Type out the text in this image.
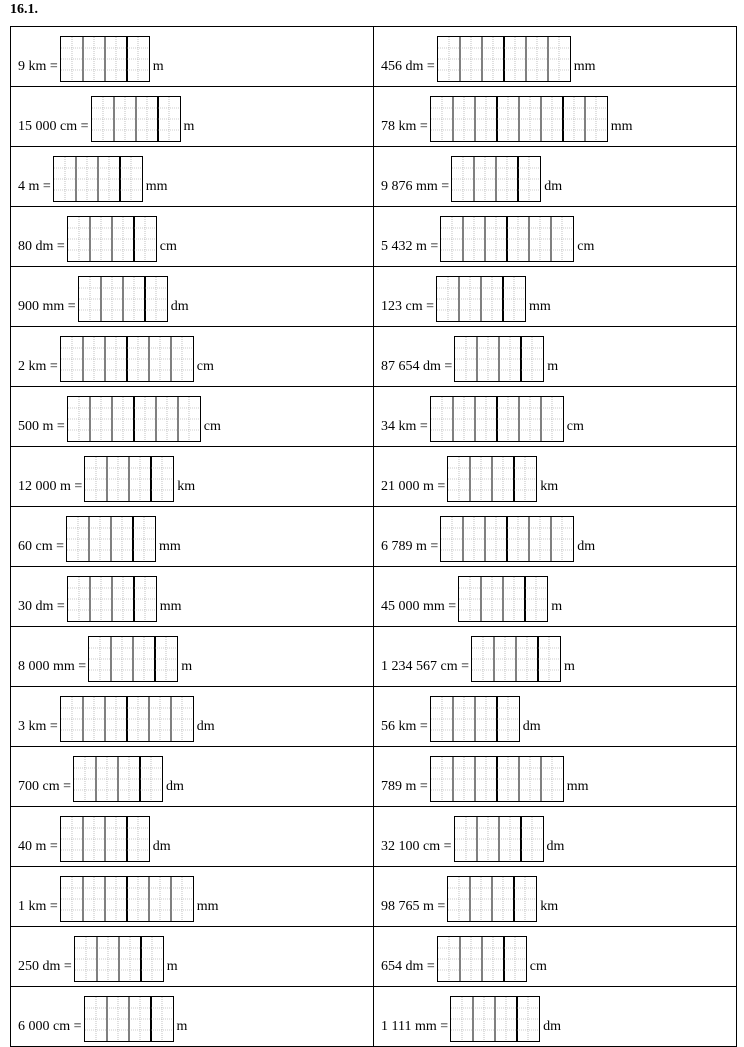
16.1.
9 km = m	456 dm = mm

15 000 cm = m	78 km = mm

4 m = mm	9 876 mm = dm

80 dm = cm	5 432 m = cm

900 mm = dm	123 cm = mm

2 km = cm	87 654 dm = m

500 m = cm	34 km = cm

12 000 m = km	21 000 m = km

60 cm = mm	6 789 m = dm

30 dm = mm	45 000 mm = m

8 000 mm = m	1 234 567 cm = m

3 km = dm	56 km = dm

700 cm = dm	789 m = mm

40 m = dm	32 100 cm = dm

1 km = mm	98 765 m = km

250 dm = m	654 dm = cm

6 000 cm = m	1 111 mm = dm
